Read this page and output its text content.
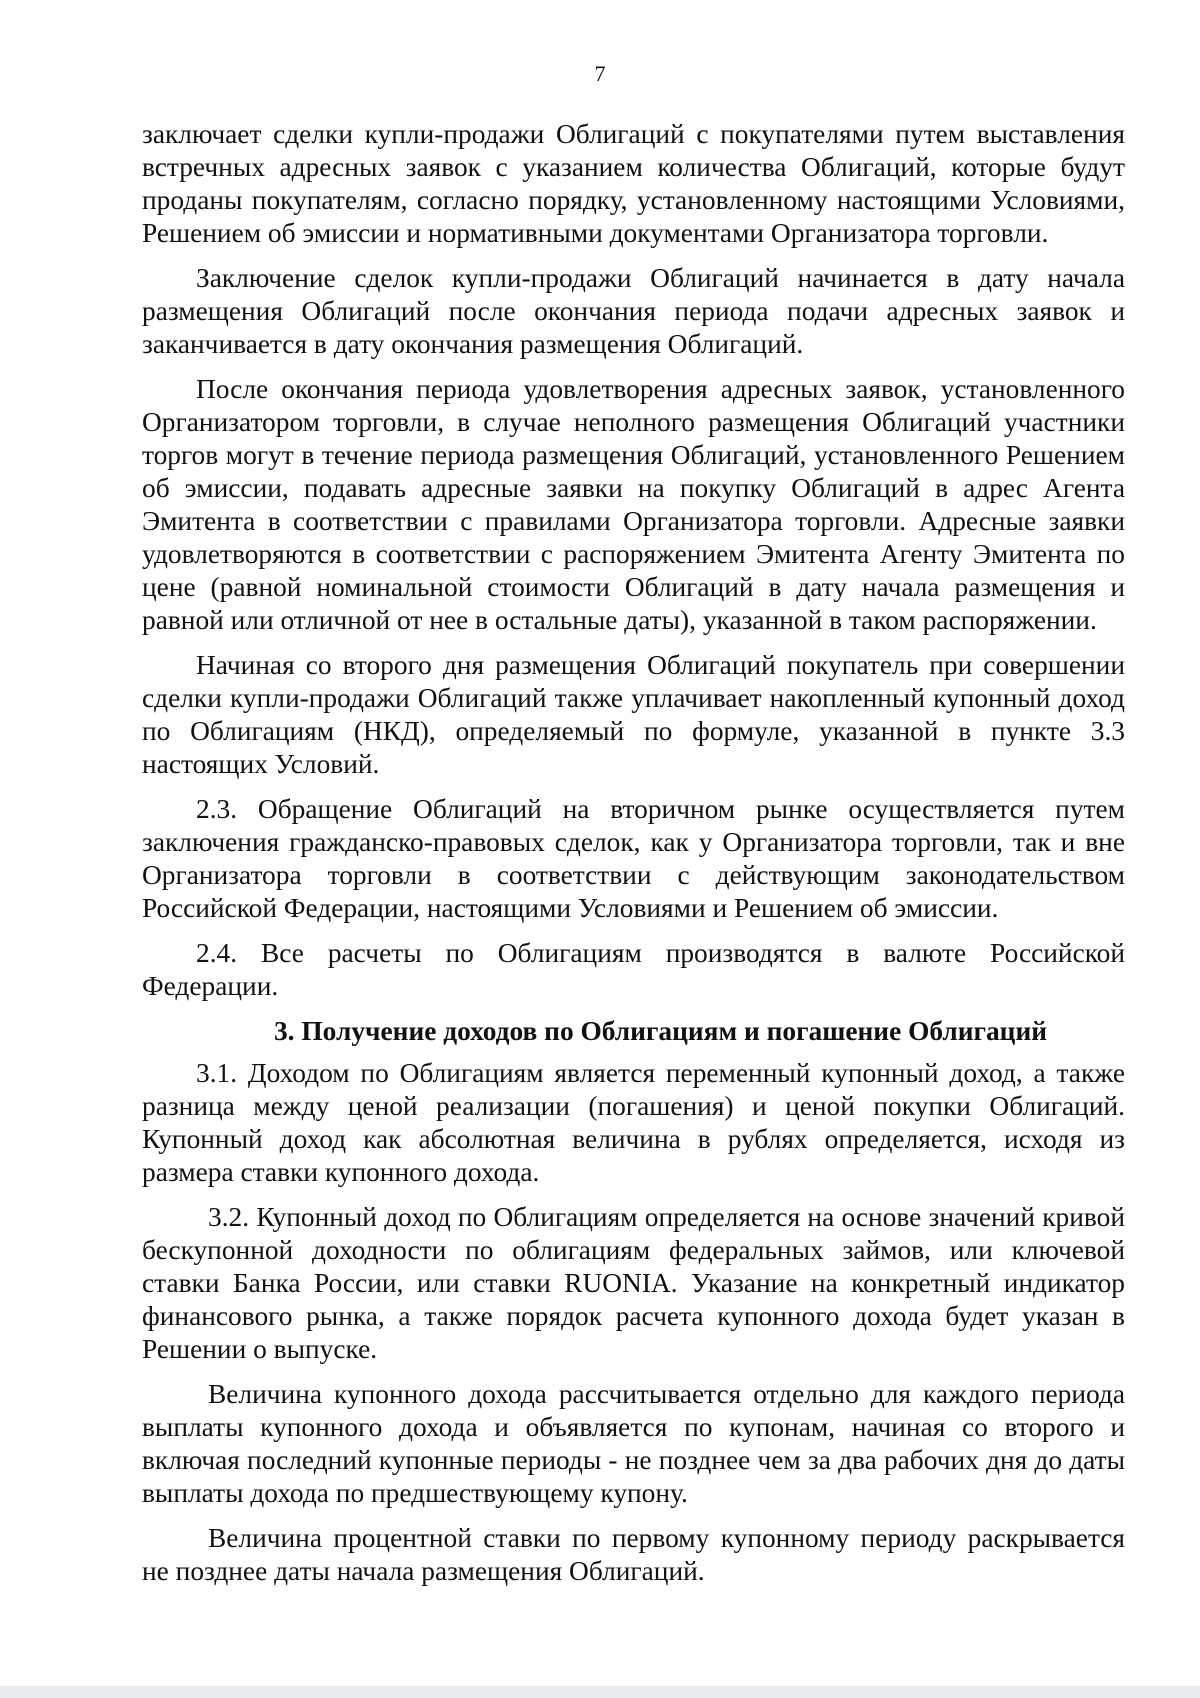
7

заключает сделки купли-продажи Облигаций с покупателями путем выставления встречных адресных заявок с указанием количества Облигаций, которые будут проданы покупателям, согласно порядку, установленному настоящими Условиями, Решением об эмиссии и нормативными документами Организатора торговли.

Заключение сделок купли-продажи Облигаций начинается в дату начала размещения Облигаций после окончания периода подачи адресных заявок и заканчивается в дату окончания размещения Облигаций.

После окончания периода удовлетворения адресных заявок, установленного Организатором торговли, в случае неполного размещения Облигаций участники торгов могут в течение периода размещения Облигаций, установленного Решением об эмиссии, подавать адресные заявки на покупку Облигаций в адрес Агента Эмитента в соответствии с правилами Организатора торговли. Адресные заявки удовлетворяются в соответствии с распоряжением Эмитента Агенту Эмитента по цене (равной номинальной стоимости Облигаций в дату начала размещения и равной или отличной от нее в остальные даты), указанной в таком распоряжении.

Начиная со второго дня размещения Облигаций покупатель при совершении сделки купли-продажи Облигаций также уплачивает накопленный купонный доход по Облигациям (НКД), определяемый по формуле, указанной в пункте 3.3 настоящих Условий.

2.3. Обращение Облигаций на вторичном рынке осуществляется путем заключения гражданско-правовых сделок, как у Организатора торговли, так и вне Организатора торговли в соответствии с действующим законодательством Российской Федерации, настоящими Условиями и Решением об эмиссии.

2.4. Все расчеты по Облигациям производятся в валюте Российской Федерации.

3. Получение доходов по Облигациям и погашение Облигаций

3.1. Доходом по Облигациям является переменный купонный доход, а также разница между ценой реализации (погашения) и ценой покупки Облигаций. Купонный доход как абсолютная величина в рублях определяется, исходя из размера ставки купонного дохода.

3.2. Купонный доход по Облигациям определяется на основе значений кривой бескупонной доходности по облигациям федеральных займов, или ключевой ставки Банка России, или ставки RUONIA. Указание на конкретный индикатор финансового рынка, а также порядок расчета купонного дохода будет указан в Решении о выпуске.

Величина купонного дохода рассчитывается отдельно для каждого периода выплаты купонного дохода и объявляется по купонам, начиная со второго и включая последний купонные периоды - не позднее чем за два рабочих дня до даты выплаты дохода по предшествующему купону.

Величина процентной ставки по первому купонному периоду раскрывается не позднее даты начала размещения Облигаций.
